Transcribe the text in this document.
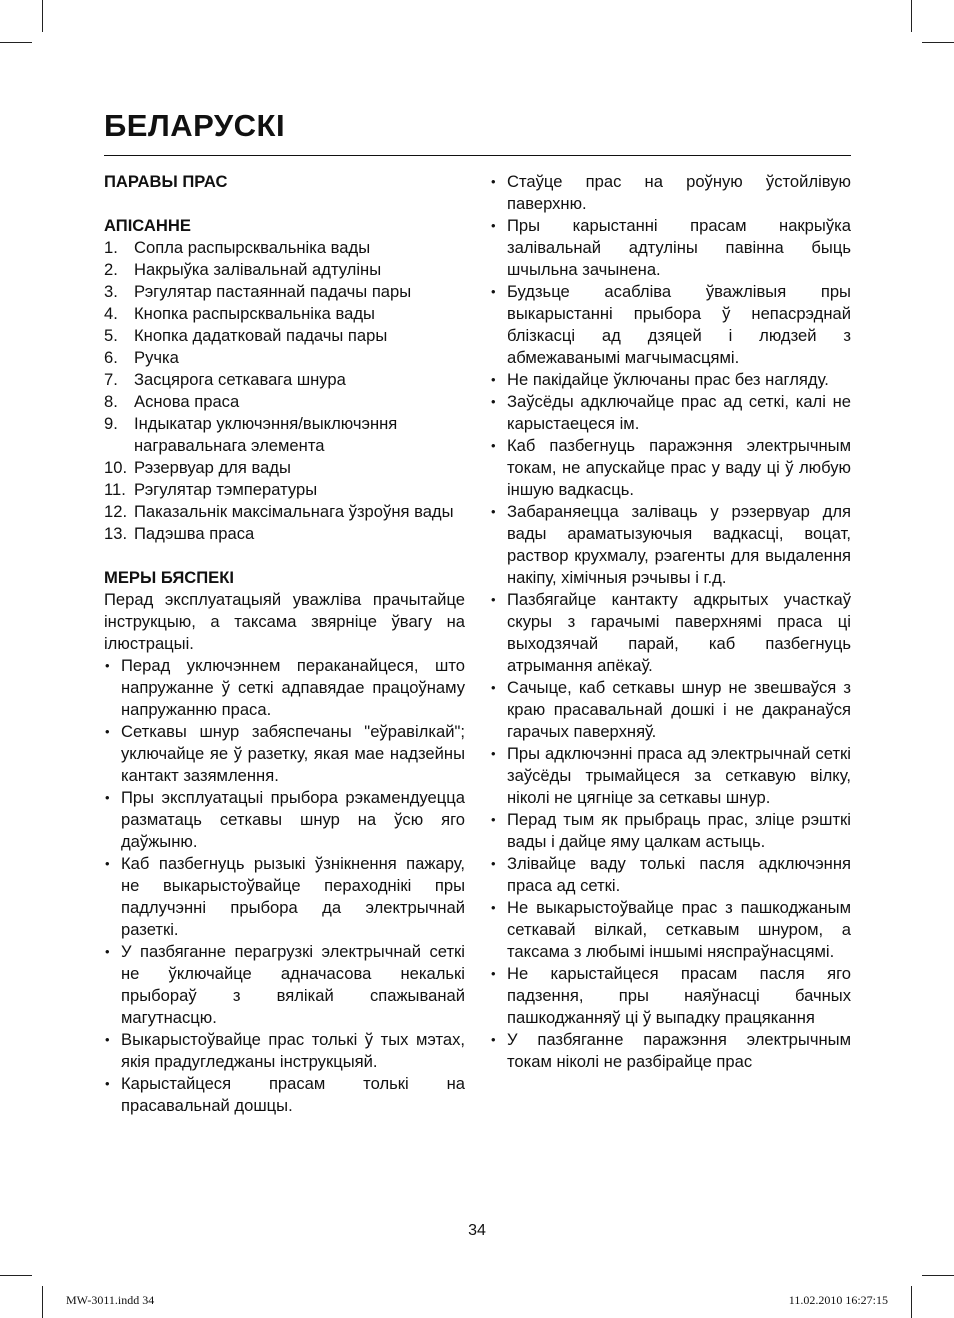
БЕЛАРУСКІ
ПАРАВЫ ПРАС
АПІСАННЕ
1. Сопла распырсквальніка вады
2. Накрыўка залівальнай адтуліны
3. Рэгулятар пастаяннай падачы пары
4. Кнопка распырсквальніка вады
5. Кнопка дадатковай падачы пары
6. Ручка
7. Засцярога сеткавага шнура
8. Аснова праса
9. Індыкатар уключэння/выключэння награвальнага элемента
10. Рэзервуар для вады
11. Рэгулятар тэмпературы
12. Паказальнік максімальнага ўзроўня вады
13. Падэшва праса
МЕРЫ БЯСПЕКІ

Перад эксплуатацыяй уважліва прачытайце інструкцыю, а таксама звярніце ўвагу на ілюстрацыі.

• Перад уключэннем пераканайцеся, што напружанне ў сеткі адпавядае працоўнаму напружанню праса.
• Сеткавы шнур забяспечаны "еўравілкай"; уключайце яе ў разетку, якая мае надзейны кантакт зазямлення.
• Пры эксплуатацыі прыбора рэкамендуецца разматаць сеткавы шнур на ўсю яго даўжыню.
• Каб пазбегнуць рызыкі ўзнікнення пажару, не выкарыстоўвайце пераходнікі пры падлучэнні прыбора да электрычнай разеткі.
• У пазбяганне перагрузкі электрычнай сеткі не ўключайце адначасова некалькі прыбораў з вялікай спажыванай магутнасцю.
• Выкарыстоўвайце прас толькі ў тых мэтах, якія прадугледжаны інструкцыяй.
• Карыстайцеся прасам толькі на прасавальнай дошцы.
• Стаўце прас на роўную ўстойлівую паверхню.
• Пры карыстанні прасам накрыўка залівальнай адтуліны павінна быць шчыльна зачынена.
• Будзьце асабліва ўважлівыя пры выкарыстанні прыбора ў непасрэднай блізкасці ад дзяцей і людзей з абмежаванымі магчымасцямі.
• Не пакідайце ўключаны прас без нагляду.
• Заўсёды адключайце прас ад сеткі, калі не карыстаецеся ім.
• Каб пазбегнуць паражэння электрычным токам, не апускайце прас у ваду ці ў любую іншую вадкасць.
• Забараняецца заліваць у рэзервуар для вады араматызуючыя вадкасці, воцат, раствор крухмалу, рэагенты для выдалення накіпу, хімічныя рэчывы і г.д.
• Пазбягайце кантакту адкрытых участкаў скуры з гарачымі паверхнямі праса ці выходзячай парай, каб пазбегнуць атрымання апёкаў.
• Сачыце, каб сеткавы шнур не звешваўся з краю прасавальнай дошкі і не дакранаўся гарачых паверхняў.
• Пры адключэнні праса ад электрычнай сеткі заўсёды трымайцеся за сеткавую вілку, ніколі не цягніце за сеткавы шнур.
• Перад тым як прыбраць прас, зліце рэшткі вады і дайце яму цалкам астыць.
• Злівайце ваду толькі пасля адключэння праса ад сеткі.
• Не выкарыстоўвайце прас з пашкоджаным сеткавай вілкай, сеткавым шнуром, а таксама з любымі іншымі няспраўнасцямі.
• Не карыстайцеся прасам пасля яго падзення, пры наяўнасці бачных пашкоджанняў ці ў выпадку працякання
• У пазбяганне паражэння электрычным токам ніколі не разбірайце прас
34
MW-3011.indd 34	11.02.2010 16:27:15
